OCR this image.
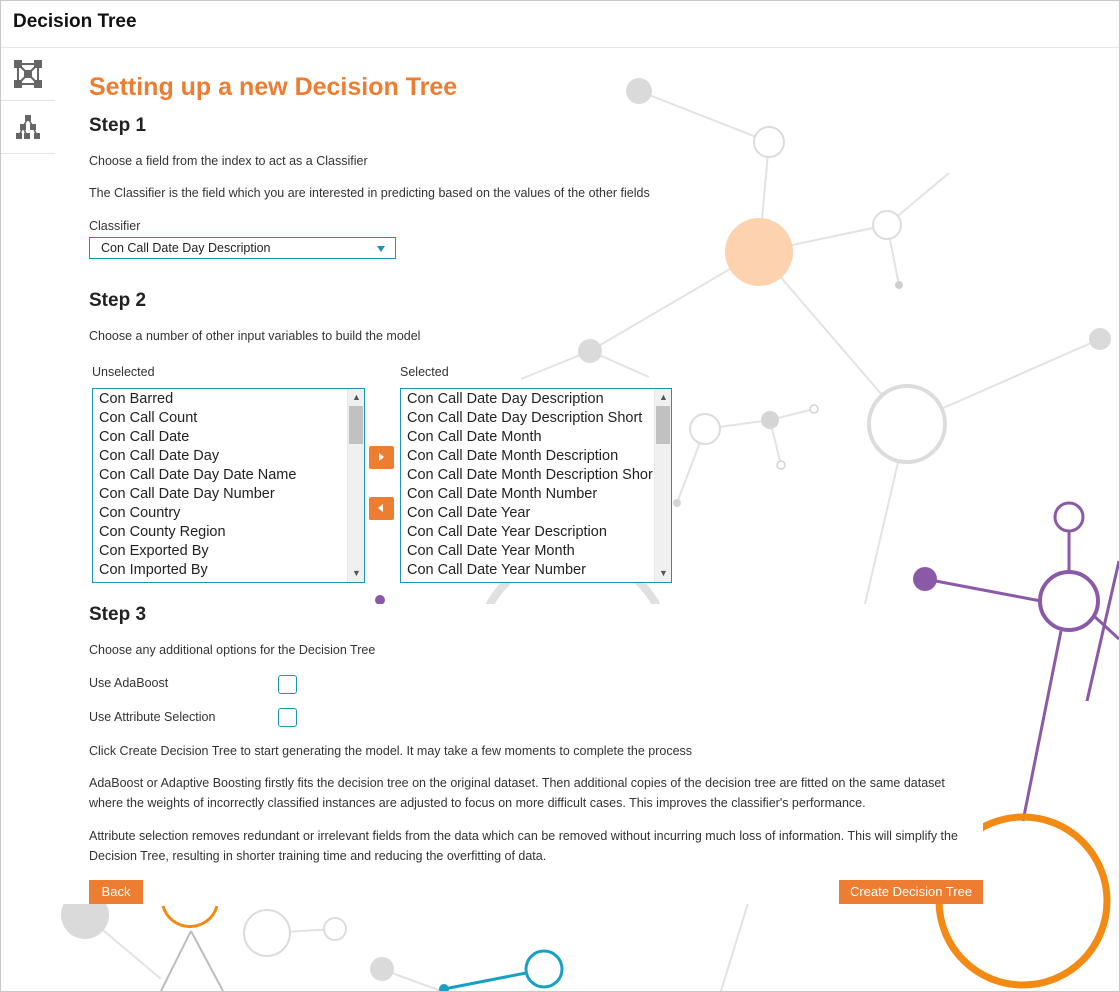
Decision Tree
Setting up a new Decision Tree
Step 1

Choose a field from the index to act as a Classifier

The Classifier is the field which you are interested in predicting based on the values of the other fields

Classifier
Con Call Date Day Description
Step 2

Choose a number of other input variables to build the model

Unselected	Selected
Con Barred
Con Call Count
Con Call Date
Con Call Date Day
Con Call Date Day Date Name
Con Call Date Day Number
Con Country
Con County Region
Con Exported By
Con Imported By
▲
▼
Con Call Date Day Description
Con Call Date Day Description Short
Con Call Date Month
Con Call Date Month Description
Con Call Date Month Description Shor
Con Call Date Month Number
Con Call Date Year
Con Call Date Year Description
Con Call Date Year Month
Con Call Date Year Number
▲
▼
Step 3

Choose any additional options for the Decision Tree

Use AdaBoost
Use Attribute Selection

Click Create Decision Tree to start generating the model. It may take a few moments to complete the process

AdaBoost or Adaptive Boosting firstly fits the decision tree on the original dataset. Then additional copies of the decision tree are fitted on the same dataset where the weights of incorrectly classified instances are adjusted to focus on more difficult cases. This improves the classifier's performance.

Attribute selection removes redundant or irrelevant fields from the data which can be removed without incurring much loss of information. This will simplify the Decision Tree, resulting in shorter training time and reducing the overfitting of data.

Back	Create Decision Tree
